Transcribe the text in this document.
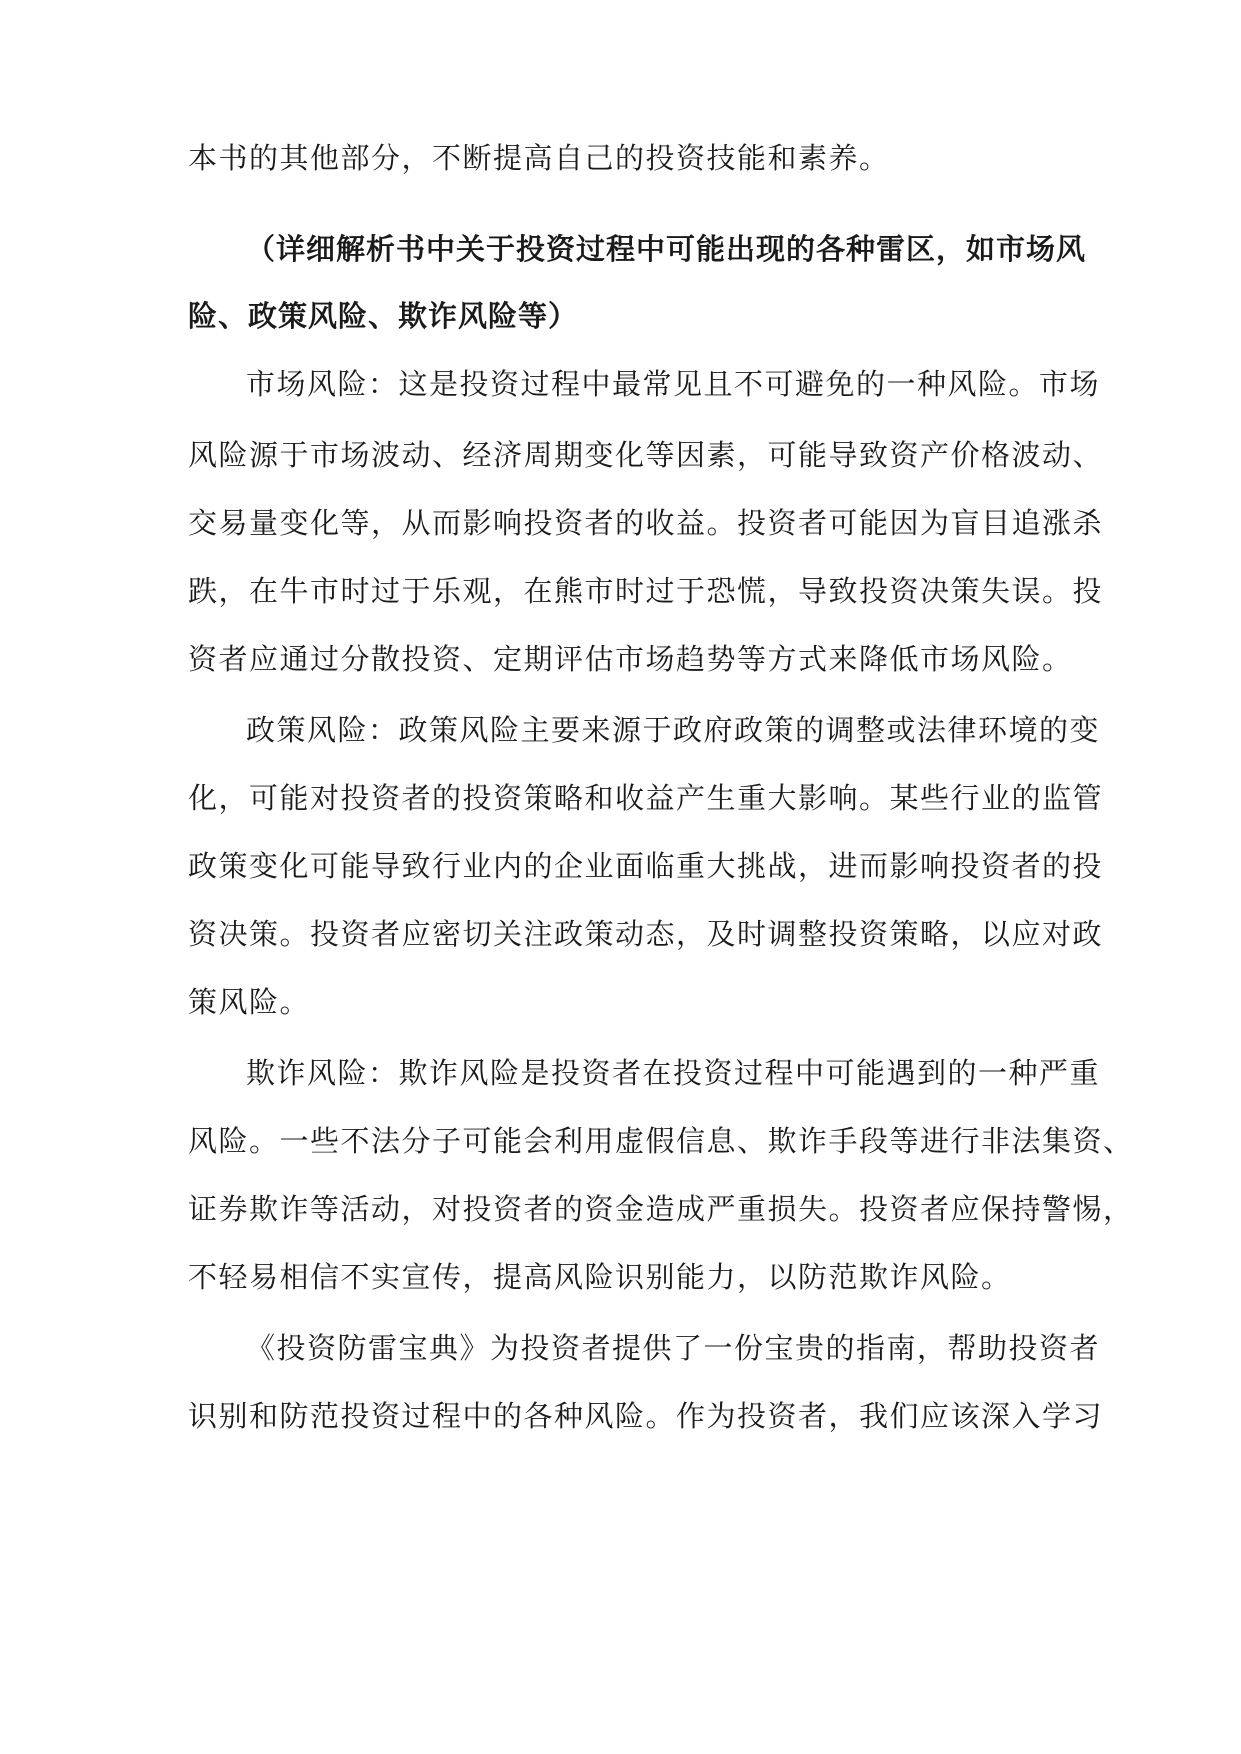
本书的其他部分，不断提高自己的投资技能和素养。
（详细解析书中关于投资过程中可能出现的各种雷区，如市场风
险、政策风险、欺诈风险等）
市场风险：这是投资过程中最常见且不可避免的一种风险。市场
风险源于市场波动、经济周期变化等因素，可能导致资产价格波动、
交易量变化等，从而影响投资者的收益。投资者可能因为盲目追涨杀
跌，在牛市时过于乐观，在熊市时过于恐慌，导致投资决策失误。投
资者应通过分散投资、定期评估市场趋势等方式来降低市场风险。
政策风险：政策风险主要来源于政府政策的调整或法律环境的变
化，可能对投资者的投资策略和收益产生重大影响。某些行业的监管
政策变化可能导致行业内的企业面临重大挑战，进而影响投资者的投
资决策。投资者应密切关注政策动态，及时调整投资策略，以应对政
策风险。
欺诈风险：欺诈风险是投资者在投资过程中可能遇到的一种严重
风险。一些不法分子可能会利用虚假信息、欺诈手段等进行非法集资、
证券欺诈等活动，对投资者的资金造成严重损失。投资者应保持警惕，
不轻易相信不实宣传，提高风险识别能力，以防范欺诈风险。
《投资防雷宝典》为投资者提供了一份宝贵的指南，帮助投资者
识别和防范投资过程中的各种风险。作为投资者，我们应该深入学习
